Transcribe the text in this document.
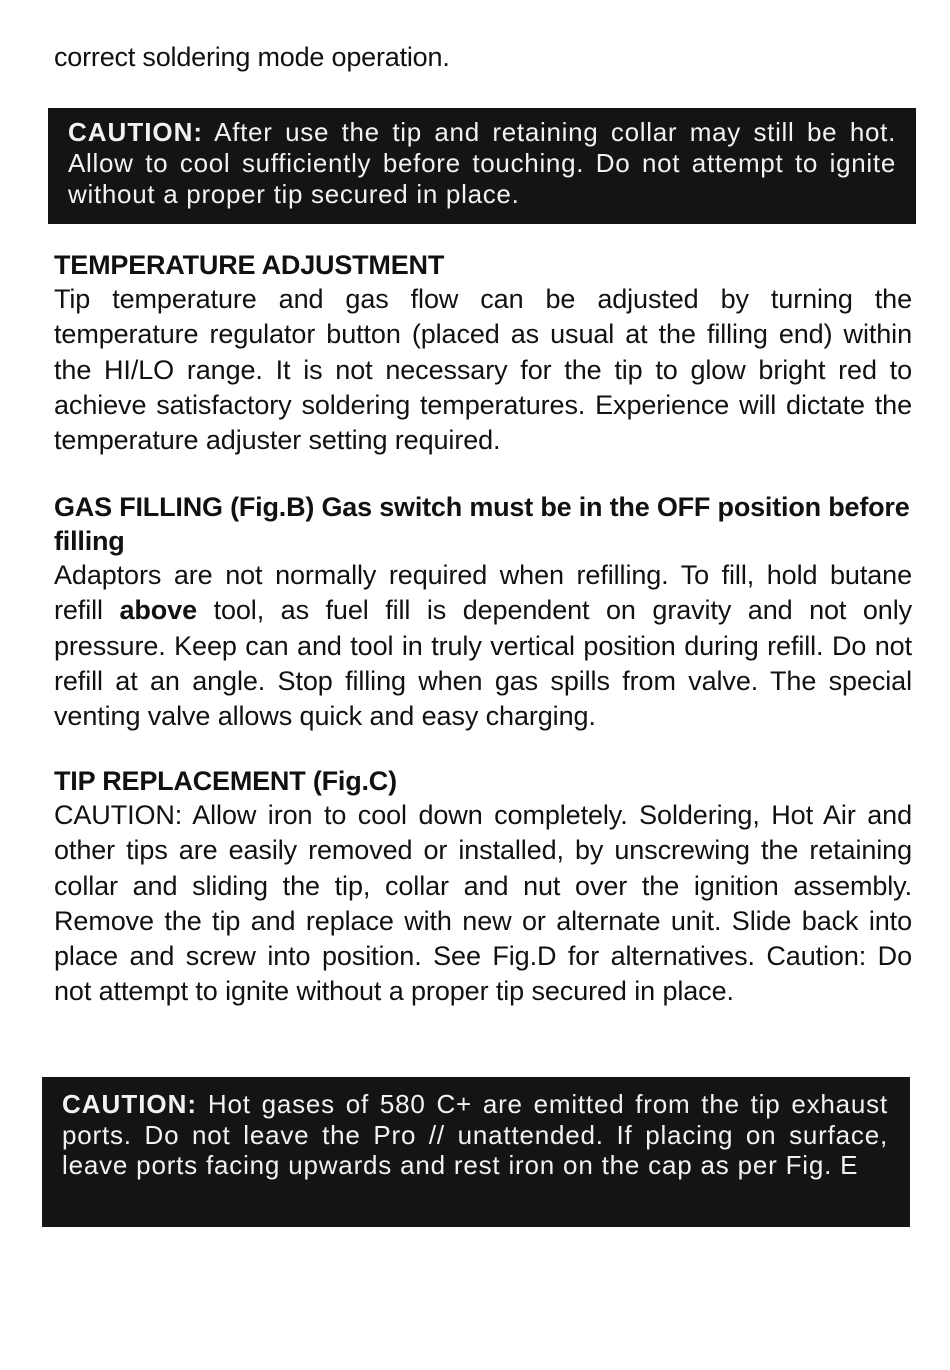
correct soldering mode operation.
CAUTION: After use the tip and retaining collar may still be hot. Allow to cool sufficiently before touching. Do not attempt to ignite without a proper tip secured in place.
TEMPERATURE ADJUSTMENT
Tip temperature and gas flow can be adjusted by turning the temperature regulator button (placed as usual at the filling end) within the HI/LO range. It is not necessary for the tip to glow bright red to achieve satisfactory soldering temperatures. Experience will dictate the temperature adjuster setting required.
GAS FILLING (Fig.B) Gas switch must be in the OFF position before filling
Adaptors are not normally required when refilling. To fill, hold butane refill above tool, as fuel fill is dependent on gravity and not only pressure. Keep can and tool in truly vertical position during refill. Do not refill at an angle. Stop filling when gas spills from valve. The special venting valve allows quick and easy charging.
TIP REPLACEMENT (Fig.C)
CAUTION: Allow iron to cool down completely. Soldering, Hot Air and other tips are easily removed or installed, by unscrewing the retaining collar and sliding the tip, collar and nut over the ignition assembly. Remove the tip and replace with new or alternate unit. Slide back into place and screw into position. See Fig.D for alternatives. Caution: Do not attempt to ignite without a proper tip secured in place.
CAUTION: Hot gases of 580 C+ are emitted from the tip exhaust ports. Do not leave the Pro // unattended. If placing on surface, leave ports facing upwards and rest iron on the cap as per Fig. E
